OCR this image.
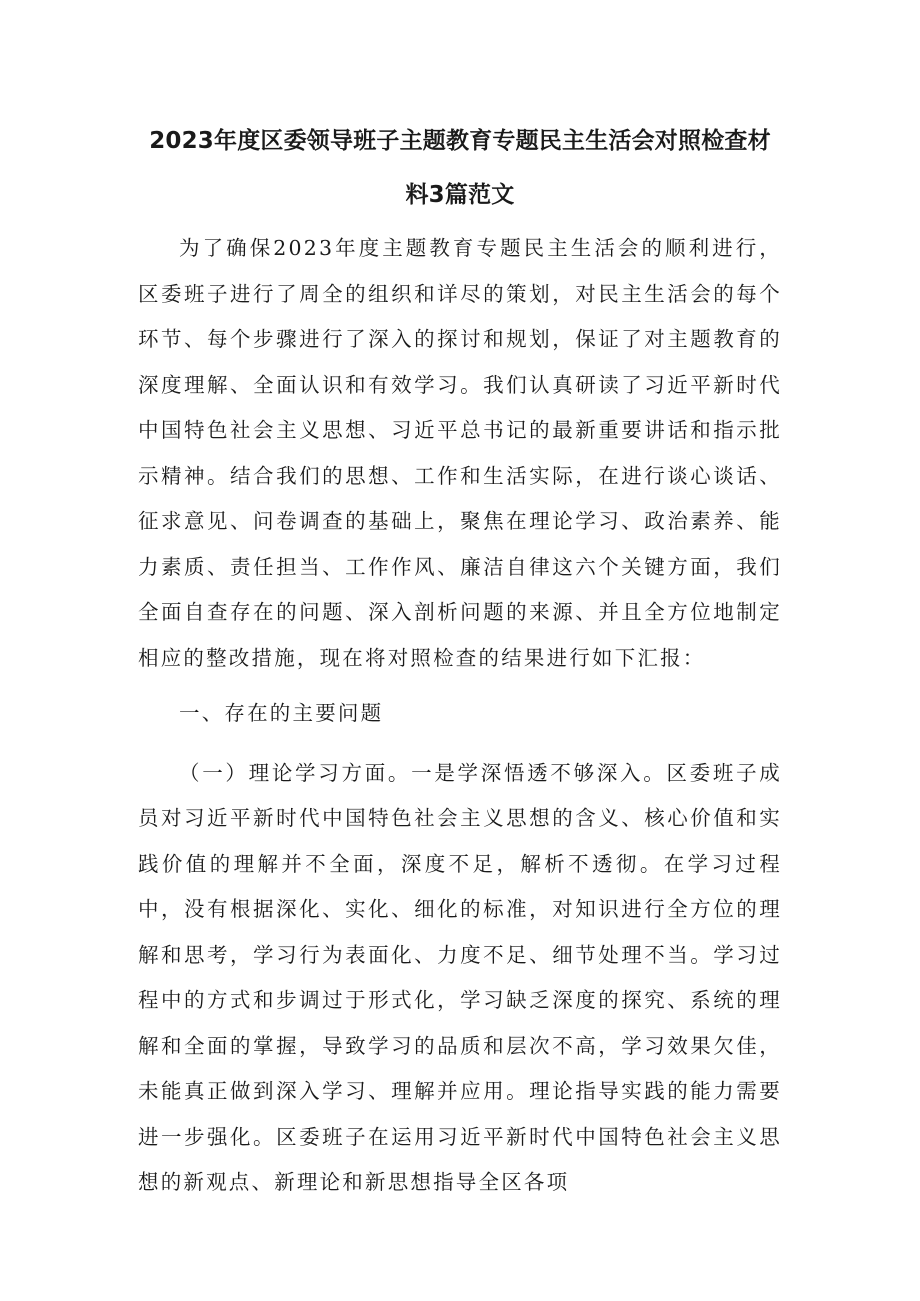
2023年度区委领导班子主题教育专题民主生活会对照检查材
料3篇范文

为了确保2023年度主题教育专题民主生活会的顺利进行，区委班子进行了周全的组织和详尽的策划，对民主生活会的每个环节、每个步骤进行了深入的探讨和规划，保证了对主题教育的深度理解、全面认识和有效学习。我们认真研读了习近平新时代中国特色社会主义思想、习近平总书记的最新重要讲话和指示批示精神。结合我们的思想、工作和生活实际，在进行谈心谈话、征求意见、问卷调查的基础上，聚焦在理论学习、政治素养、能力素质、责任担当、工作作风、廉洁自律这六个关键方面，我们全面自查存在的问题、深入剖析问题的来源、并且全方位地制定相应的整改措施，现在将对照检查的结果进行如下汇报：

一、存在的主要问题

（一）理论学习方面。一是学深悟透不够深入。区委班子成员对习近平新时代中国特色社会主义思想的含义、核心价值和实践价值的理解并不全面，深度不足，解析不透彻。在学习过程中，没有根据深化、实化、细化的标准，对知识进行全方位的理解和思考，学习行为表面化、力度不足、细节处理不当。学习过程中的方式和步调过于形式化，学习缺乏深度的探究、系统的理解和全面的掌握，导致学习的品质和层次不高，学习效果欠佳，未能真正做到深入学习、理解并应用。理论指导实践的能力需要进一步强化。区委班子在运用习近平新时代中国特色社会主义思想的新观点、新理论和新思想指导全区各项
